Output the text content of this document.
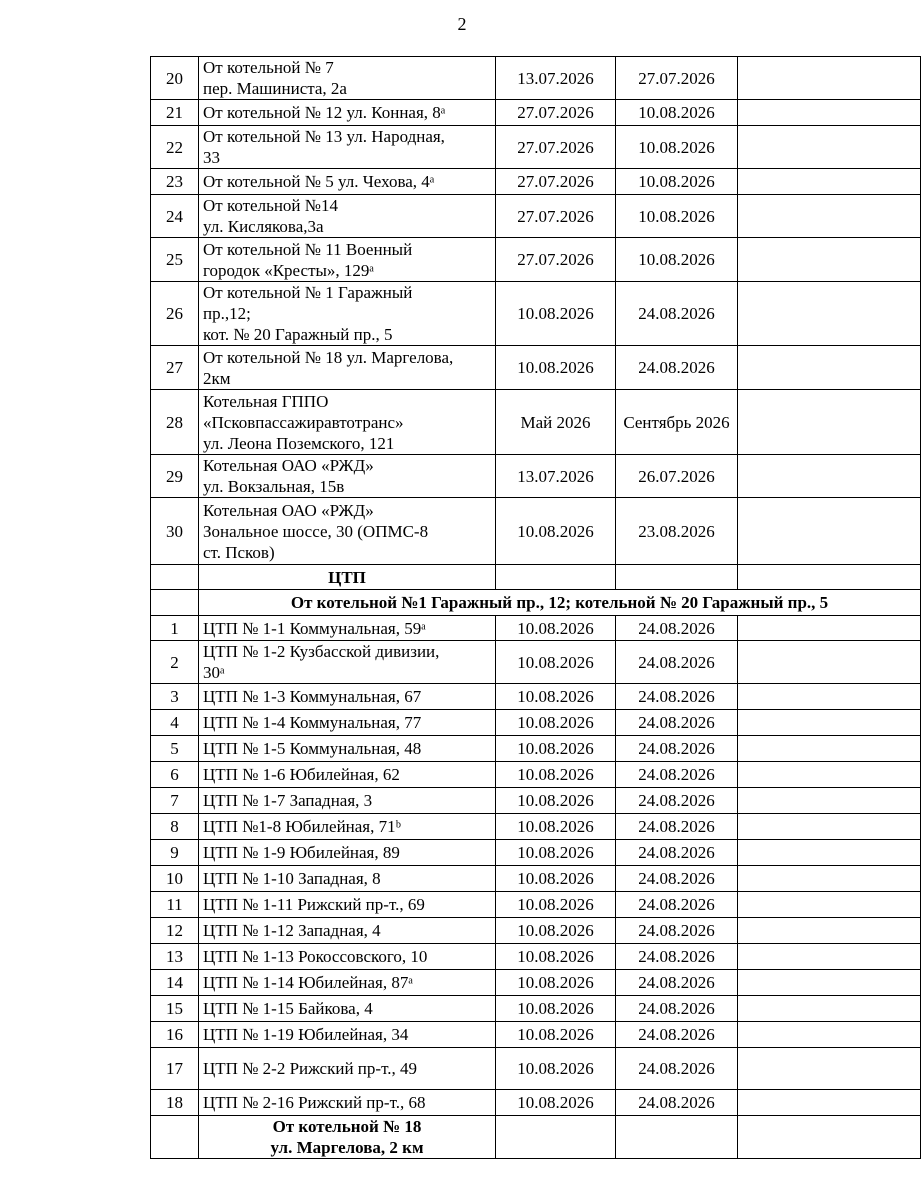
2
20	От котельной № 7
пер. Машиниста, 2а	13.07.2026	27.07.2026	
21	От котельной № 12 ул. Конная, 8ᵃ	27.07.2026	10.08.2026	
22	От котельной № 13 ул. Народная,
33	27.07.2026	10.08.2026	
23	От котельной № 5 ул. Чехова, 4ᵃ	27.07.2026	10.08.2026	
24	От котельной №14
ул. Кислякова,3а	27.07.2026	10.08.2026	
25	От котельной № 11 Военный
городок «Кресты», 129ᵃ	27.07.2026	10.08.2026	
26	От котельной № 1 Гаражный
пр.,12;
кот. № 20 Гаражный пр., 5	10.08.2026	24.08.2026	
27	От котельной № 18 ул. Маргелова,
2км	10.08.2026	24.08.2026	
28	Котельная ГППО
«Псковпассажиравтотранс»
ул. Леона Поземского, 121	Май 2026	Сентябрь 2026	
29	Котельная ОАО «РЖД»
ул. Вокзальная, 15в	13.07.2026	26.07.2026	
30	Котельная ОАО «РЖД»
Зональное шоссе, 30 (ОПМС-8
ст. Псков)	10.08.2026	23.08.2026	
	ЦТП			
	От котельной №1 Гаражный пр., 12; котельной № 20 Гаражный пр., 5			
1	ЦТП № 1-1 Коммунальная, 59ᵃ	10.08.2026	24.08.2026	
2	ЦТП № 1-2 Кузбасской дивизии,
30ᵃ	10.08.2026	24.08.2026	
3	ЦТП № 1-3 Коммунальная, 67	10.08.2026	24.08.2026	
4	ЦТП № 1-4 Коммунальная, 77	10.08.2026	24.08.2026	
5	ЦТП № 1-5 Коммунальная, 48	10.08.2026	24.08.2026	
6	ЦТП № 1-6 Юбилейная, 62	10.08.2026	24.08.2026	
7	ЦТП № 1-7 Западная, 3	10.08.2026	24.08.2026	
8	ЦТП №1-8 Юбилейная, 71ᵇ	10.08.2026	24.08.2026	
9	ЦТП № 1-9 Юбилейная, 89	10.08.2026	24.08.2026	
10	ЦТП № 1-10 Западная, 8	10.08.2026	24.08.2026	
11	ЦТП № 1-11 Рижский пр-т., 69	10.08.2026	24.08.2026	
12	ЦТП № 1-12 Западная, 4	10.08.2026	24.08.2026	
13	ЦТП № 1-13 Рокоссовского, 10	10.08.2026	24.08.2026	
14	ЦТП № 1-14 Юбилейная, 87ᵃ	10.08.2026	24.08.2026	
15	ЦТП № 1-15 Байкова, 4	10.08.2026	24.08.2026	
16	ЦТП № 1-19 Юбилейная, 34	10.08.2026	24.08.2026	
17	ЦТП № 2-2 Рижский пр-т., 49	10.08.2026	24.08.2026	
18	ЦТП № 2-16 Рижский пр-т., 68	10.08.2026	24.08.2026	

	От котельной № 18
ул. Маргелова, 2 км			
